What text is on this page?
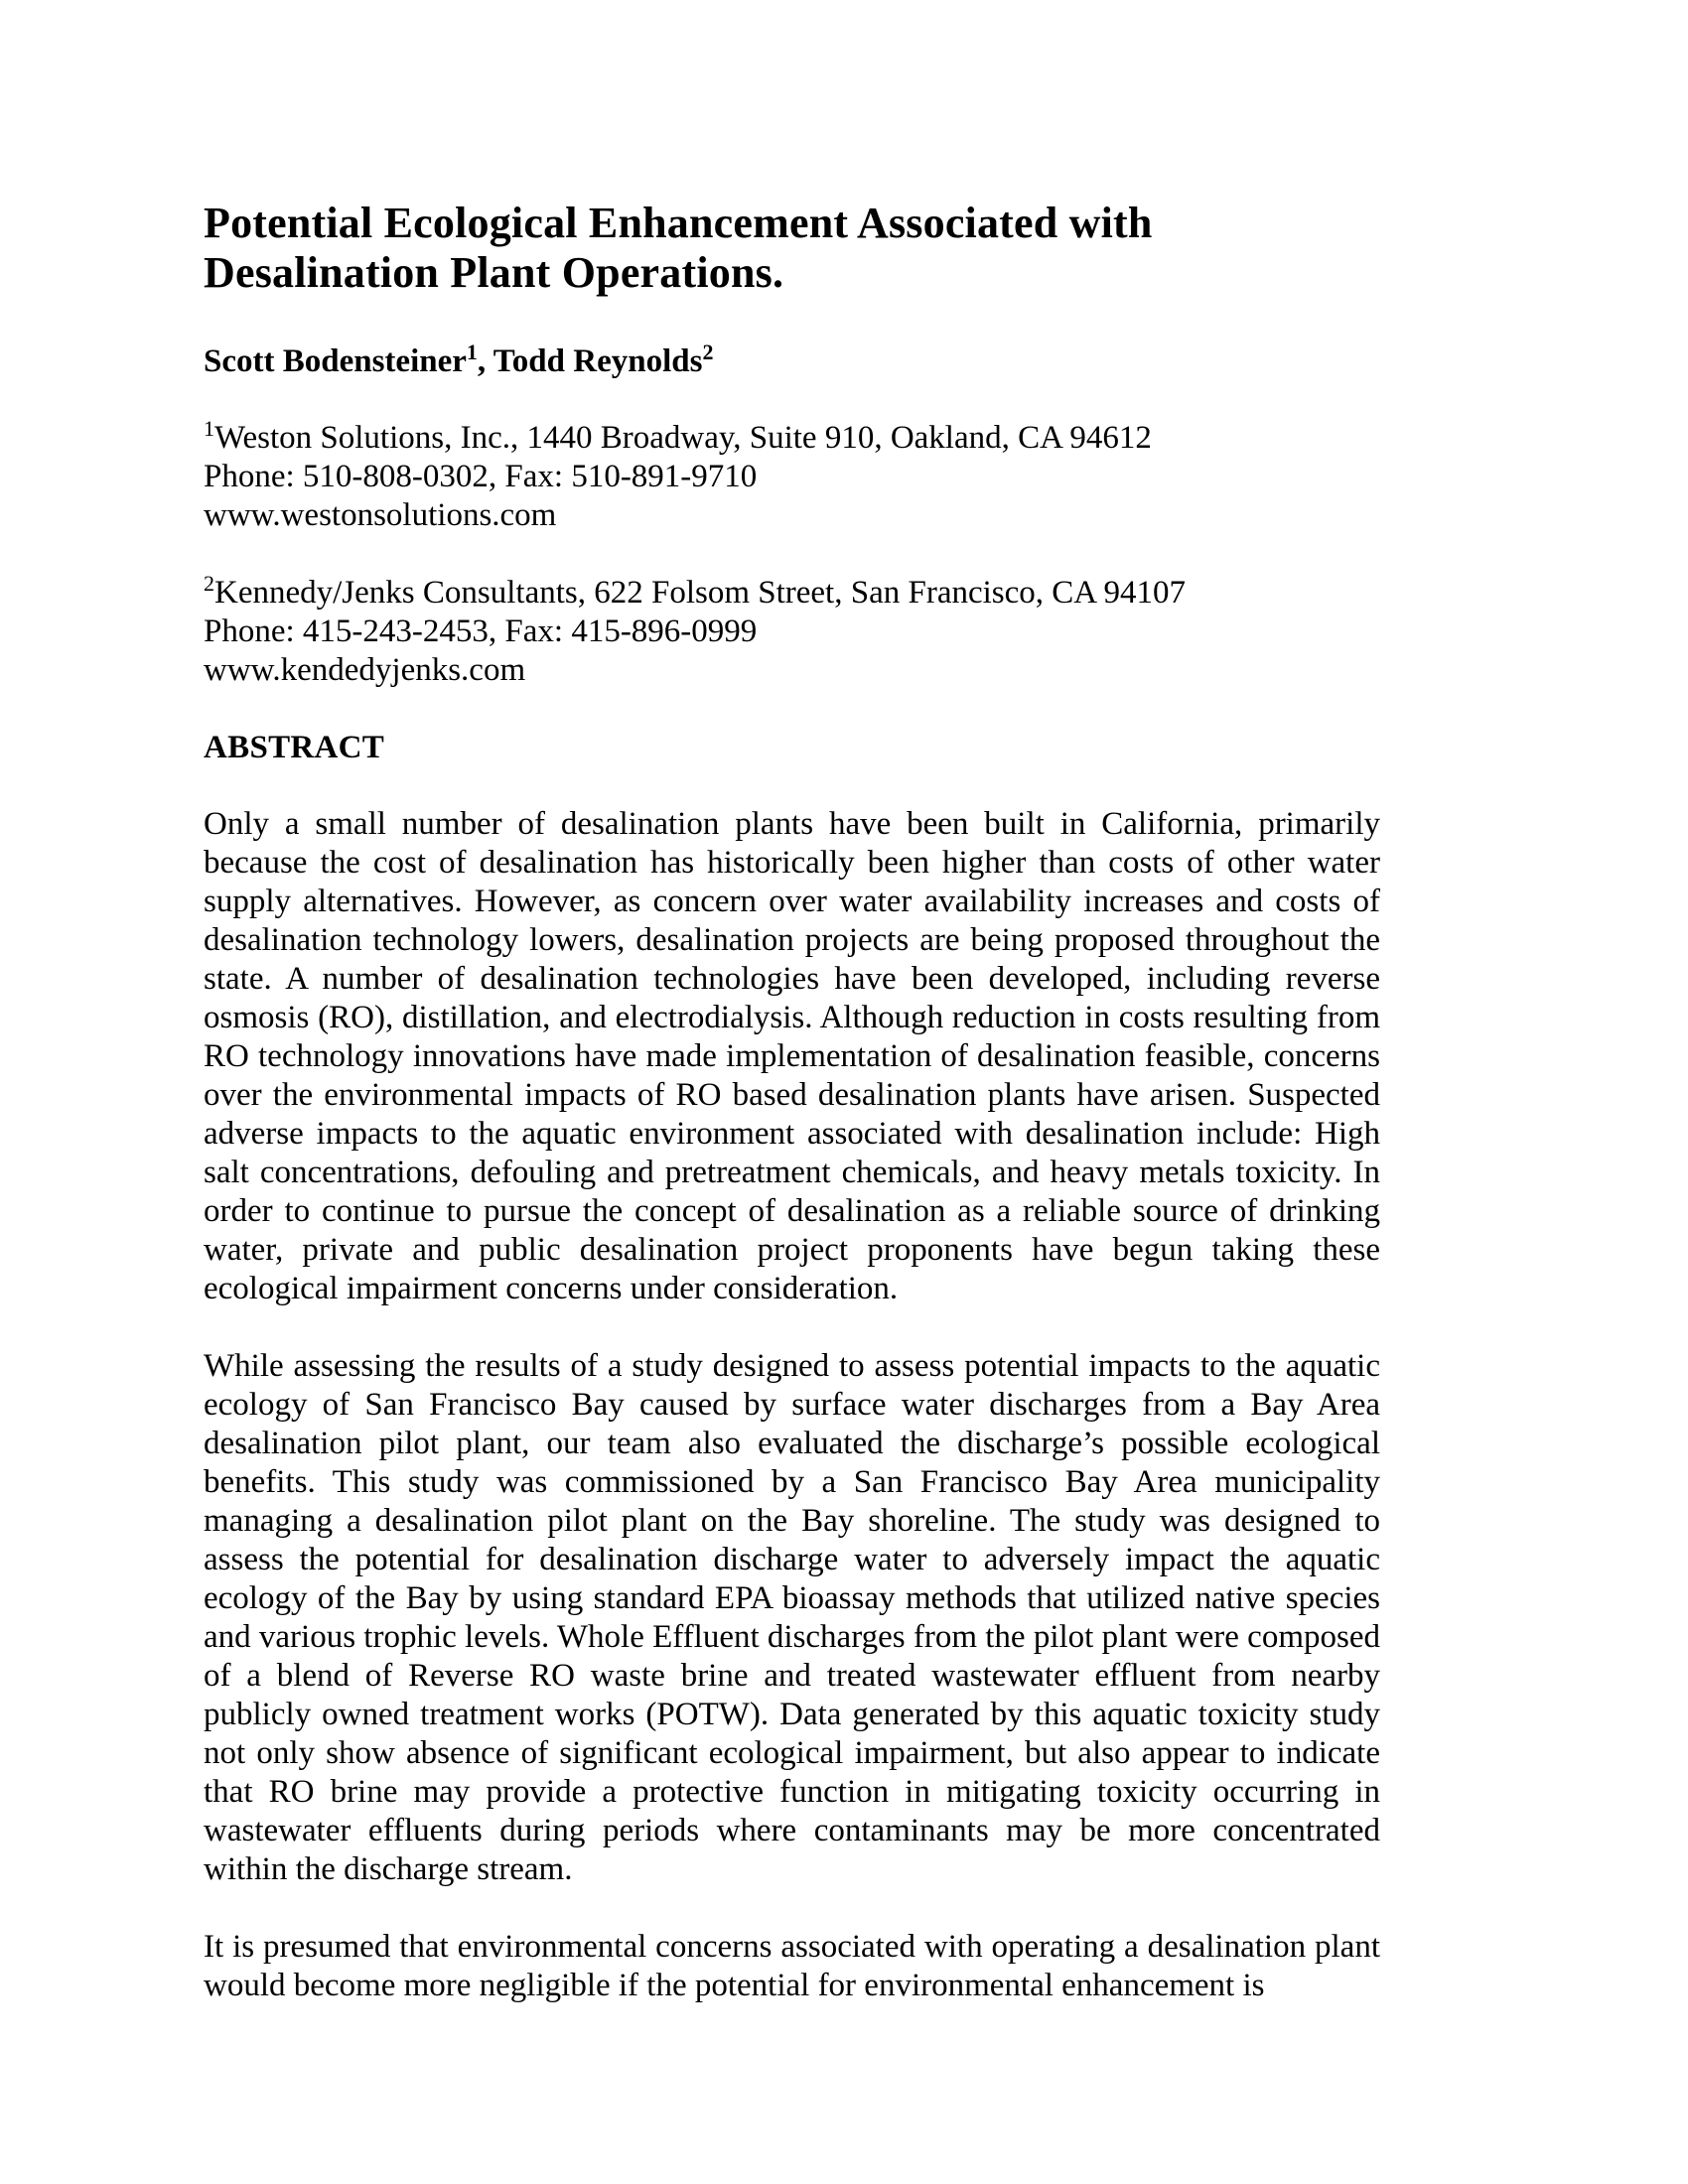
Potential Ecological Enhancement Associated with Desalination Plant Operations.

Scott Bodensteiner$^1$, Todd Reynolds$^2$

$^1$Weston Solutions, Inc., 1440 Broadway, Suite 910, Oakland, CA 94612

Phone: 510-808-0302, Fax: 510-891-9710

www.westonsolutions.com

$^2$Kennedy/Jenks Consultants, 622 Folsom Street, San Francisco, CA 94107

Phone: 415-243-2453, Fax: 415-896-0999

www.kendedyjenks.com

ABSTRACT

Only a small number of desalination plants have been built in California, primarily because the cost of desalination has historically been higher than costs of other water supply alternatives. However, as concern over water availability increases and costs of desalination technology lowers, desalination projects are being proposed throughout the state. A number of desalination technologies have been developed, including reverse osmosis (RO), distillation, and electrodialysis. Although reduction in costs resulting from RO technology innovations have made implementation of desalination feasible, concerns over the environmental impacts of RO based desalination plants have arisen. Suspected adverse impacts to the aquatic environment associated with desalination include: High salt concentrations, defouling and pretreatment chemicals, and heavy metals toxicity. In order to continue to pursue the concept of desalination as a reliable source of drinking water, private and public desalination project proponents have begun taking these ecological impairment concerns under consideration.

While assessing the results of a study designed to assess potential impacts to the aquatic ecology of San Francisco Bay caused by surface water discharges from a Bay Area desalination pilot plant, our team also evaluated the discharge’s possible ecological benefits. This study was commissioned by a San Francisco Bay Area municipality managing a desalination pilot plant on the Bay shoreline. The study was designed to assess the potential for desalination discharge water to adversely impact the aquatic ecology of the Bay by using standard EPA bioassay methods that utilized native species and various trophic levels. Whole Effluent discharges from the pilot plant were composed of a blend of Reverse RO waste brine and treated wastewater effluent from nearby publicly owned treatment works (POTW). Data generated by this aquatic toxicity study not only show absence of significant ecological impairment, but also appear to indicate that RO brine may provide a protective function in mitigating toxicity occurring in wastewater effluents during periods where contaminants may be more concentrated within the discharge stream.

It is presumed that environmental concerns associated with operating a desalination plant would become more negligible if the potential for environmental enhancement is
